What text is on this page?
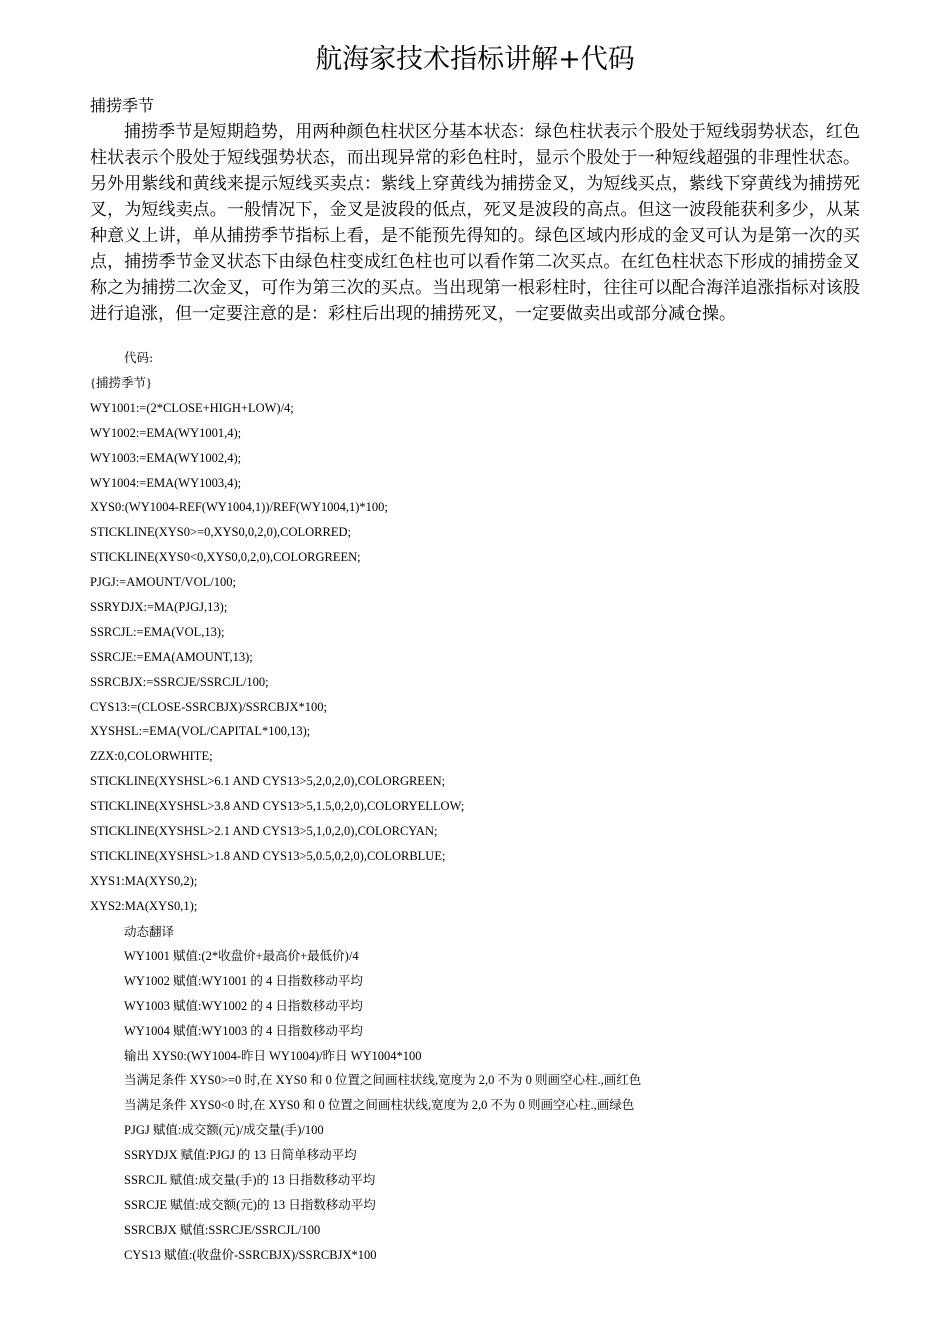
航海家技术指标讲解+代码
捕捞季节

捕捞季节是短期趋势，用两种颜色柱状区分基本状态：绿色柱状表示个股处于短线弱势状态，红色柱状表示个股处于短线强势状态，而出现异常的彩色柱时，显示个股处于一种短线超强的非理性状态。另外用紫线和黄线来提示短线买卖点：紫线上穿黄线为捕捞金叉，为短线买点，紫线下穿黄线为捕捞死叉，为短线卖点。一般情况下，金叉是波段的低点，死叉是波段的高点。但这一波段能获利多少，从某种意义上讲，单从捕捞季节指标上看，是不能预先得知的。绿色区域内形成的金叉可认为是第一次的买点，捕捞季节金叉状态下由绿色柱变成红色柱也可以看作第二次买点。在红色柱状态下形成的捕捞金叉称之为捕捞二次金叉，可作为第三次的买点。当出现第一根彩柱时，往往可以配合海洋追涨指标对该股进行追涨，但一定要注意的是：彩柱后出现的捕捞死叉，一定要做卖出或部分减仓操。

代码:
{捕捞季节}
WY1001:=(2*CLOSE+HIGH+LOW)/4;
WY1002:=EMA(WY1001,4);
WY1003:=EMA(WY1002,4);
WY1004:=EMA(WY1003,4);
XYS0:(WY1004-REF(WY1004,1))/REF(WY1004,1)*100;
STICKLINE(XYS0>=0,XYS0,0,2,0),COLORRED;
STICKLINE(XYS0<0,XYS0,0,2,0),COLORGREEN;
PJGJ:=AMOUNT/VOL/100;
SSRYDJX:=MA(PJGJ,13);
SSRCJL:=EMA(VOL,13);
SSRCJE:=EMA(AMOUNT,13);
SSRCBJX:=SSRCJE/SSRCJL/100;
CYS13:=(CLOSE-SSRCBJX)/SSRCBJX*100;
XYSHSL:=EMA(VOL/CAPITAL*100,13);
ZZX:0,COLORWHITE;
STICKLINE(XYSHSL>6.1 AND CYS13>5,2,0,2,0),COLORGREEN;
STICKLINE(XYSHSL>3.8 AND CYS13>5,1.5,0,2,0),COLORYELLOW;
STICKLINE(XYSHSL>2.1 AND CYS13>5,1,0,2,0),COLORCYAN;
STICKLINE(XYSHSL>1.8 AND CYS13>5,0.5,0,2,0),COLORBLUE;
XYS1:MA(XYS0,2);
XYS2:MA(XYS0,1);
动态翻译
WY1001 赋值:(2*收盘价+最高价+最低价)/4
WY1002 赋值:WY1001 的 4 日指数移动平均
WY1003 赋值:WY1002 的 4 日指数移动平均
WY1004 赋值:WY1003 的 4 日指数移动平均
输出 XYS0:(WY1004-昨日 WY1004)/昨日 WY1004*100
当满足条件 XYS0>=0 时,在 XYS0 和 0 位置之间画柱状线,宽度为 2,0 不为 0 则画空心柱.,画红色
当满足条件 XYS0<0 时,在 XYS0 和 0 位置之间画柱状线,宽度为 2,0 不为 0 则画空心柱.,画绿色
PJGJ 赋值:成交额(元)/成交量(手)/100
SSRYDJX 赋值:PJGJ 的 13 日简单移动平均
SSRCJL 赋值:成交量(手)的 13 日指数移动平均
SSRCJE 赋值:成交额(元)的 13 日指数移动平均
SSRCBJX 赋值:SSRCJE/SSRCJL/100
CYS13 赋值:(收盘价-SSRCBJX)/SSRCBJX*100
